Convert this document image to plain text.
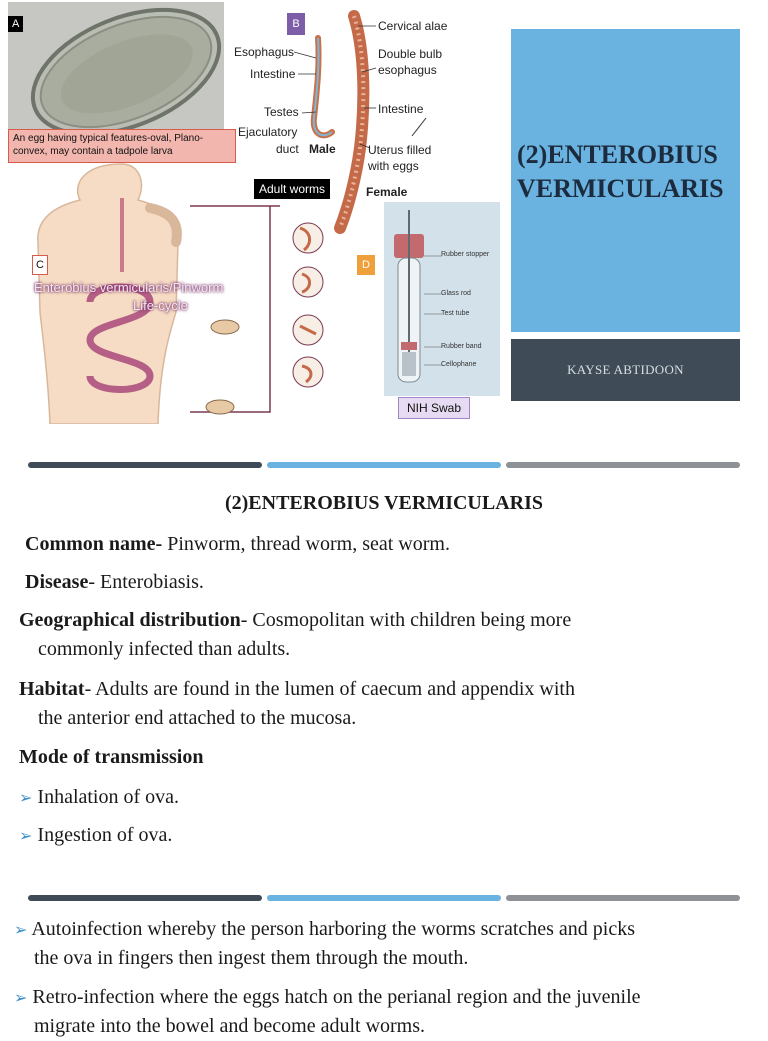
A
An egg having typical features-oval, Plano-convex, may contain a tadpole larva
B
Esophagus
Intestine
Testes
Ejaculatory
duct Male
Cervical alae
Double bulb
esophagus
Intestine
Uterus filled
with eggs
Female
Adult worms
C
Enterobius vermicularis/Pinworm
Life-cycle
Rubber stopper
Glass rod
Test tube
Rubber band
Cellophane
D
NIH Swab
(2)ENTEROBIUS VERMICULARIS
KAYSE ABTIDOON
(2)ENTEROBIUS VERMICULARIS
Common name- Pinworm, thread worm, seat worm.
Disease- Enterobiasis.
Geographical distribution- Cosmopolitan with children being more
commonly infected than adults.
Habitat- Adults are found in the lumen of caecum and appendix with
the anterior end attached to the mucosa.
Mode of transmission
➢ Inhalation of ova.
➢ Ingestion of ova.
➢ Autoinfection whereby the person harboring the worms scratches and picks
the ova in fingers then ingest them through the mouth.
➢ Retro-infection where the eggs hatch on the perianal region and the juvenile
migrate into the bowel and become adult worms.
